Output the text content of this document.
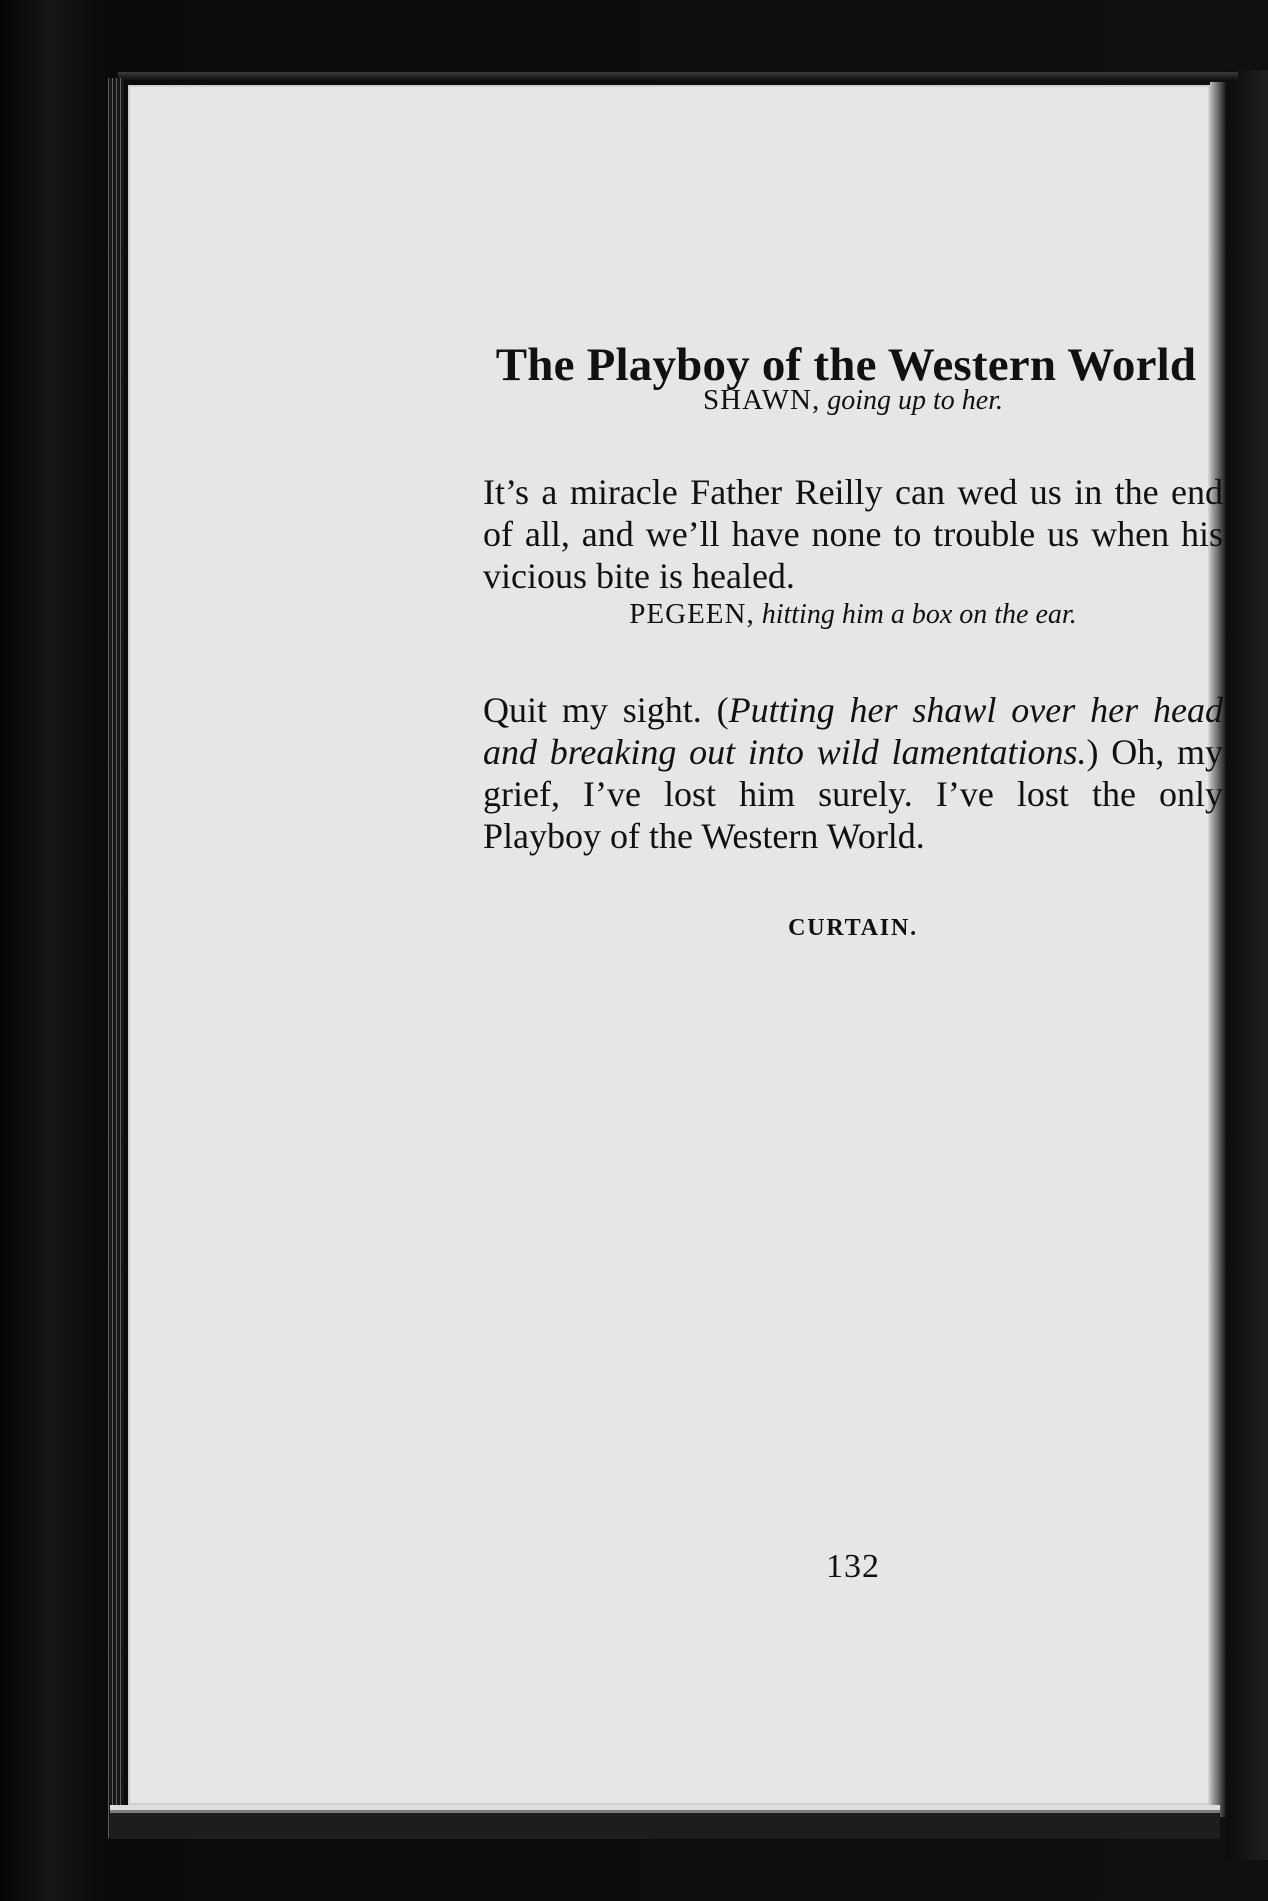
The Playboy of the Western World
SHAWN, going up to her.

It’s a miracle Father Reilly can wed us in the end of all, and we’ll have none to trouble us when his vicious bite is healed.

PEGEEN, hitting him a box on the ear.

Quit my sight. (Putting her shawl over her head and breaking out into wild lamentations.) Oh, my grief, I’ve lost him surely. I’ve lost the only Playboy of the Western World.

CURTAIN.
132
